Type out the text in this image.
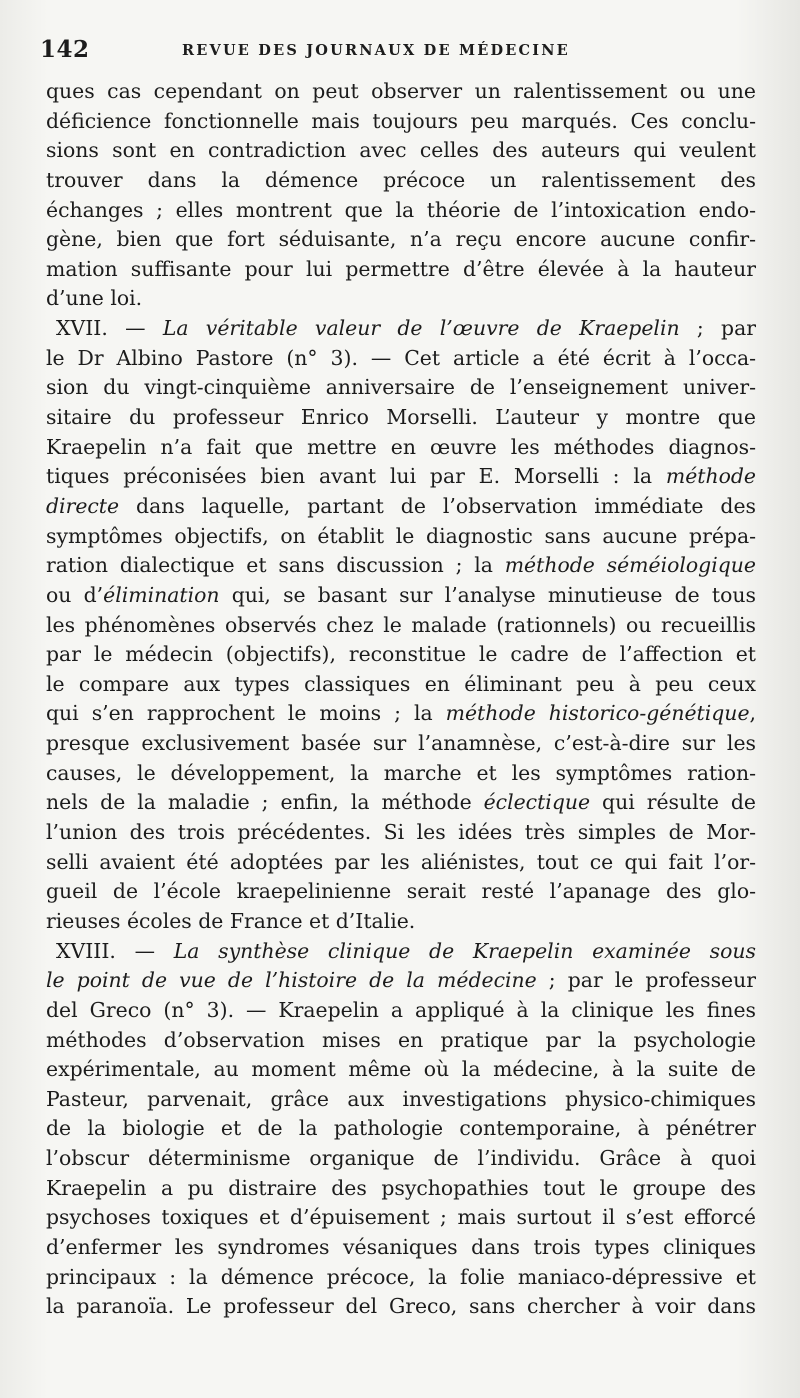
142	REVUE DES JOURNAUX DE MÉDECINE
ques cas cependant on peut observer un ralentissement ou une
déficience fonctionnelle mais toujours peu marqués. Ces conclu-
sions sont en contradiction avec celles des auteurs qui veulent
trouver dans la démence précoce un ralentissement des
échanges ; elles montrent que la théorie de l’intoxication endo-
gène, bien que fort séduisante, n’a reçu encore aucune confir-
mation suffisante pour lui permettre d’être élevée à la hauteur
d’une loi.
XVII. — La véritable valeur de l’œuvre de Kraepelin ; par
le Dr Albino Pastore (n° 3). — Cet article a été écrit à l’occa-
sion du vingt-cinquième anniversaire de l’enseignement univer-
sitaire du professeur Enrico Morselli. L’auteur y montre que
Kraepelin n’a fait que mettre en œuvre les méthodes diagnos-
tiques préconisées bien avant lui par E. Morselli : la méthode
directe dans laquelle, partant de l’observation immédiate des
symptômes objectifs, on établit le diagnostic sans aucune prépa-
ration dialectique et sans discussion ; la méthode séméiologique
ou d’élimination qui, se basant sur l’analyse minutieuse de tous
les phénomènes observés chez le malade (rationnels) ou recueillis
par le médecin (objectifs), reconstitue le cadre de l’affection et
le compare aux types classiques en éliminant peu à peu ceux
qui s’en rapprochent le moins ; la méthode historico-génétique,
presque exclusivement basée sur l’anamnèse, c’est-à-dire sur les
causes, le développement, la marche et les symptômes ration-
nels de la maladie ; enfin, la méthode éclectique qui résulte de
l’union des trois précédentes. Si les idées très simples de Mor-
selli avaient été adoptées par les aliénistes, tout ce qui fait l’or-
gueil de l’école kraepelinienne serait resté l’apanage des glo-
rieuses écoles de France et d’Italie.
XVIII. — La synthèse clinique de Kraepelin examinée sous
le point de vue de l’histoire de la médecine ; par le professeur
del Greco (n° 3). — Kraepelin a appliqué à la clinique les fines
méthodes d’observation mises en pratique par la psychologie
expérimentale, au moment même où la médecine, à la suite de
Pasteur, parvenait, grâce aux investigations physico-chimiques
de la biologie et de la pathologie contemporaine, à pénétrer
l’obscur déterminisme organique de l’individu. Grâce à quoi
Kraepelin a pu distraire des psychopathies tout le groupe des
psychoses toxiques et d’épuisement ; mais surtout il s’est efforcé
d’enfermer les syndromes vésaniques dans trois types cliniques
principaux : la démence précoce, la folie maniaco-dépressive et
la paranoïa. Le professeur del Greco, sans chercher à voir dans
